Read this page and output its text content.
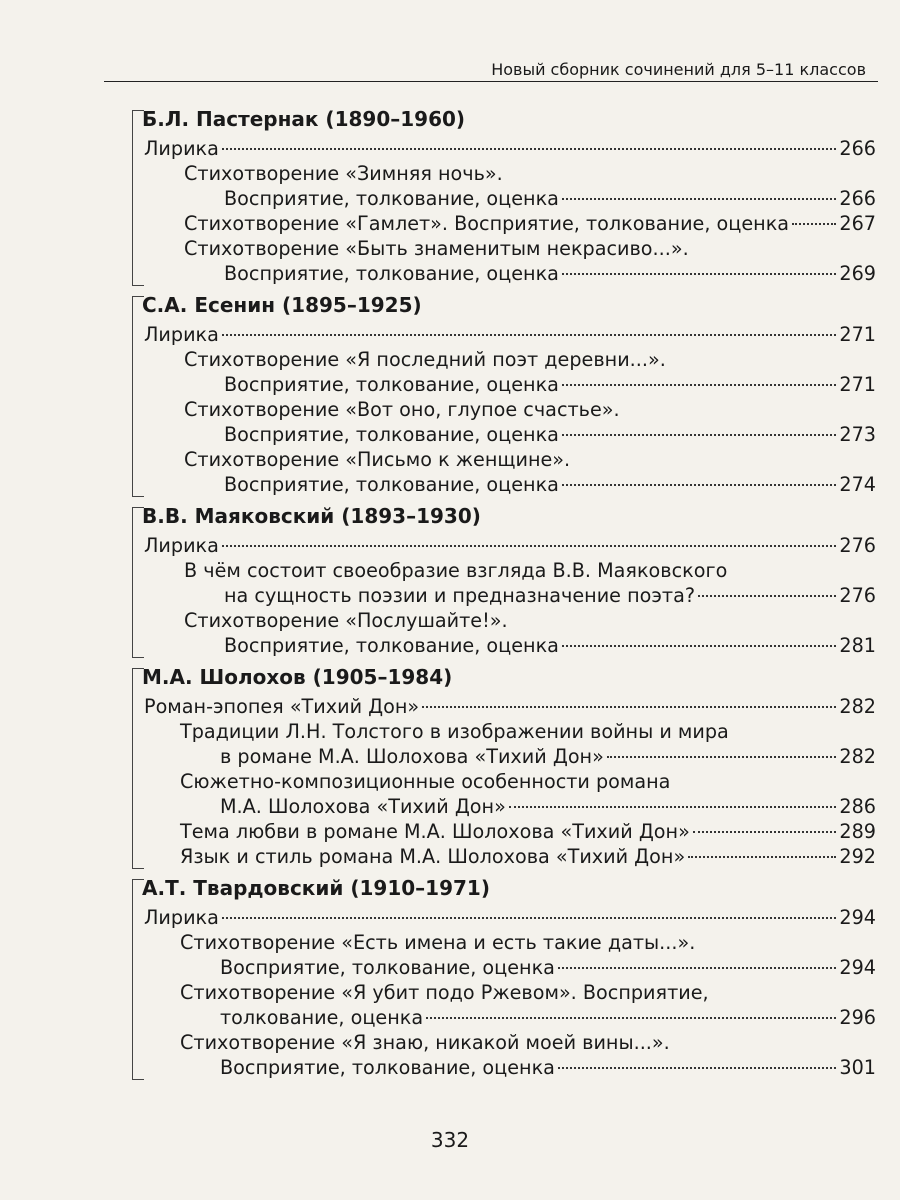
Новый сборник сочинений для 5–11 классов
Б.Л. Пастернак (1890–1960)
Лирика	266
Стихотворение «Зимняя ночь».
Восприятие, толкование, оценка	266
Стихотворение «Гамлет». Восприятие, толкование, оценка	267
Стихотворение «Быть знаменитым некрасиво...».
Восприятие, толкование, оценка	269
С.А. Есенин (1895–1925)
Лирика	271
Стихотворение «Я последний поэт деревни...».
Восприятие, толкование, оценка	271
Стихотворение «Вот оно, глупое счастье».
Восприятие, толкование, оценка	273
Стихотворение «Письмо к женщине».
Восприятие, толкование, оценка	274
В.В. Маяковский (1893–1930)
Лирика	276
В чём состоит своеобразие взгляда В.В. Маяковского
на сущность поэзии и предназначение поэта?	276
Стихотворение «Послушайте!».
Восприятие, толкование, оценка	281
М.А. Шолохов (1905–1984)
Роман-эпопея «Тихий Дон»	282
Традиции Л.Н. Толстого в изображении войны и мира
в романе М.А. Шолохова «Тихий Дон»	282
Сюжетно-композиционные особенности романа
М.А. Шолохова «Тихий Дон»	286
Тема любви в романе М.А. Шолохова «Тихий Дон»	289
Язык и стиль романа М.А. Шолохова «Тихий Дон»	292
А.Т. Твардовский (1910–1971)
Лирика	294
Стихотворение «Есть имена и есть такие даты...».
Восприятие, толкование, оценка	294
Стихотворение «Я убит подо Ржевом». Восприятие,
толкование, оценка	296
Стихотворение «Я знаю, никакой моей вины...».
Восприятие, толкование, оценка	301
332
